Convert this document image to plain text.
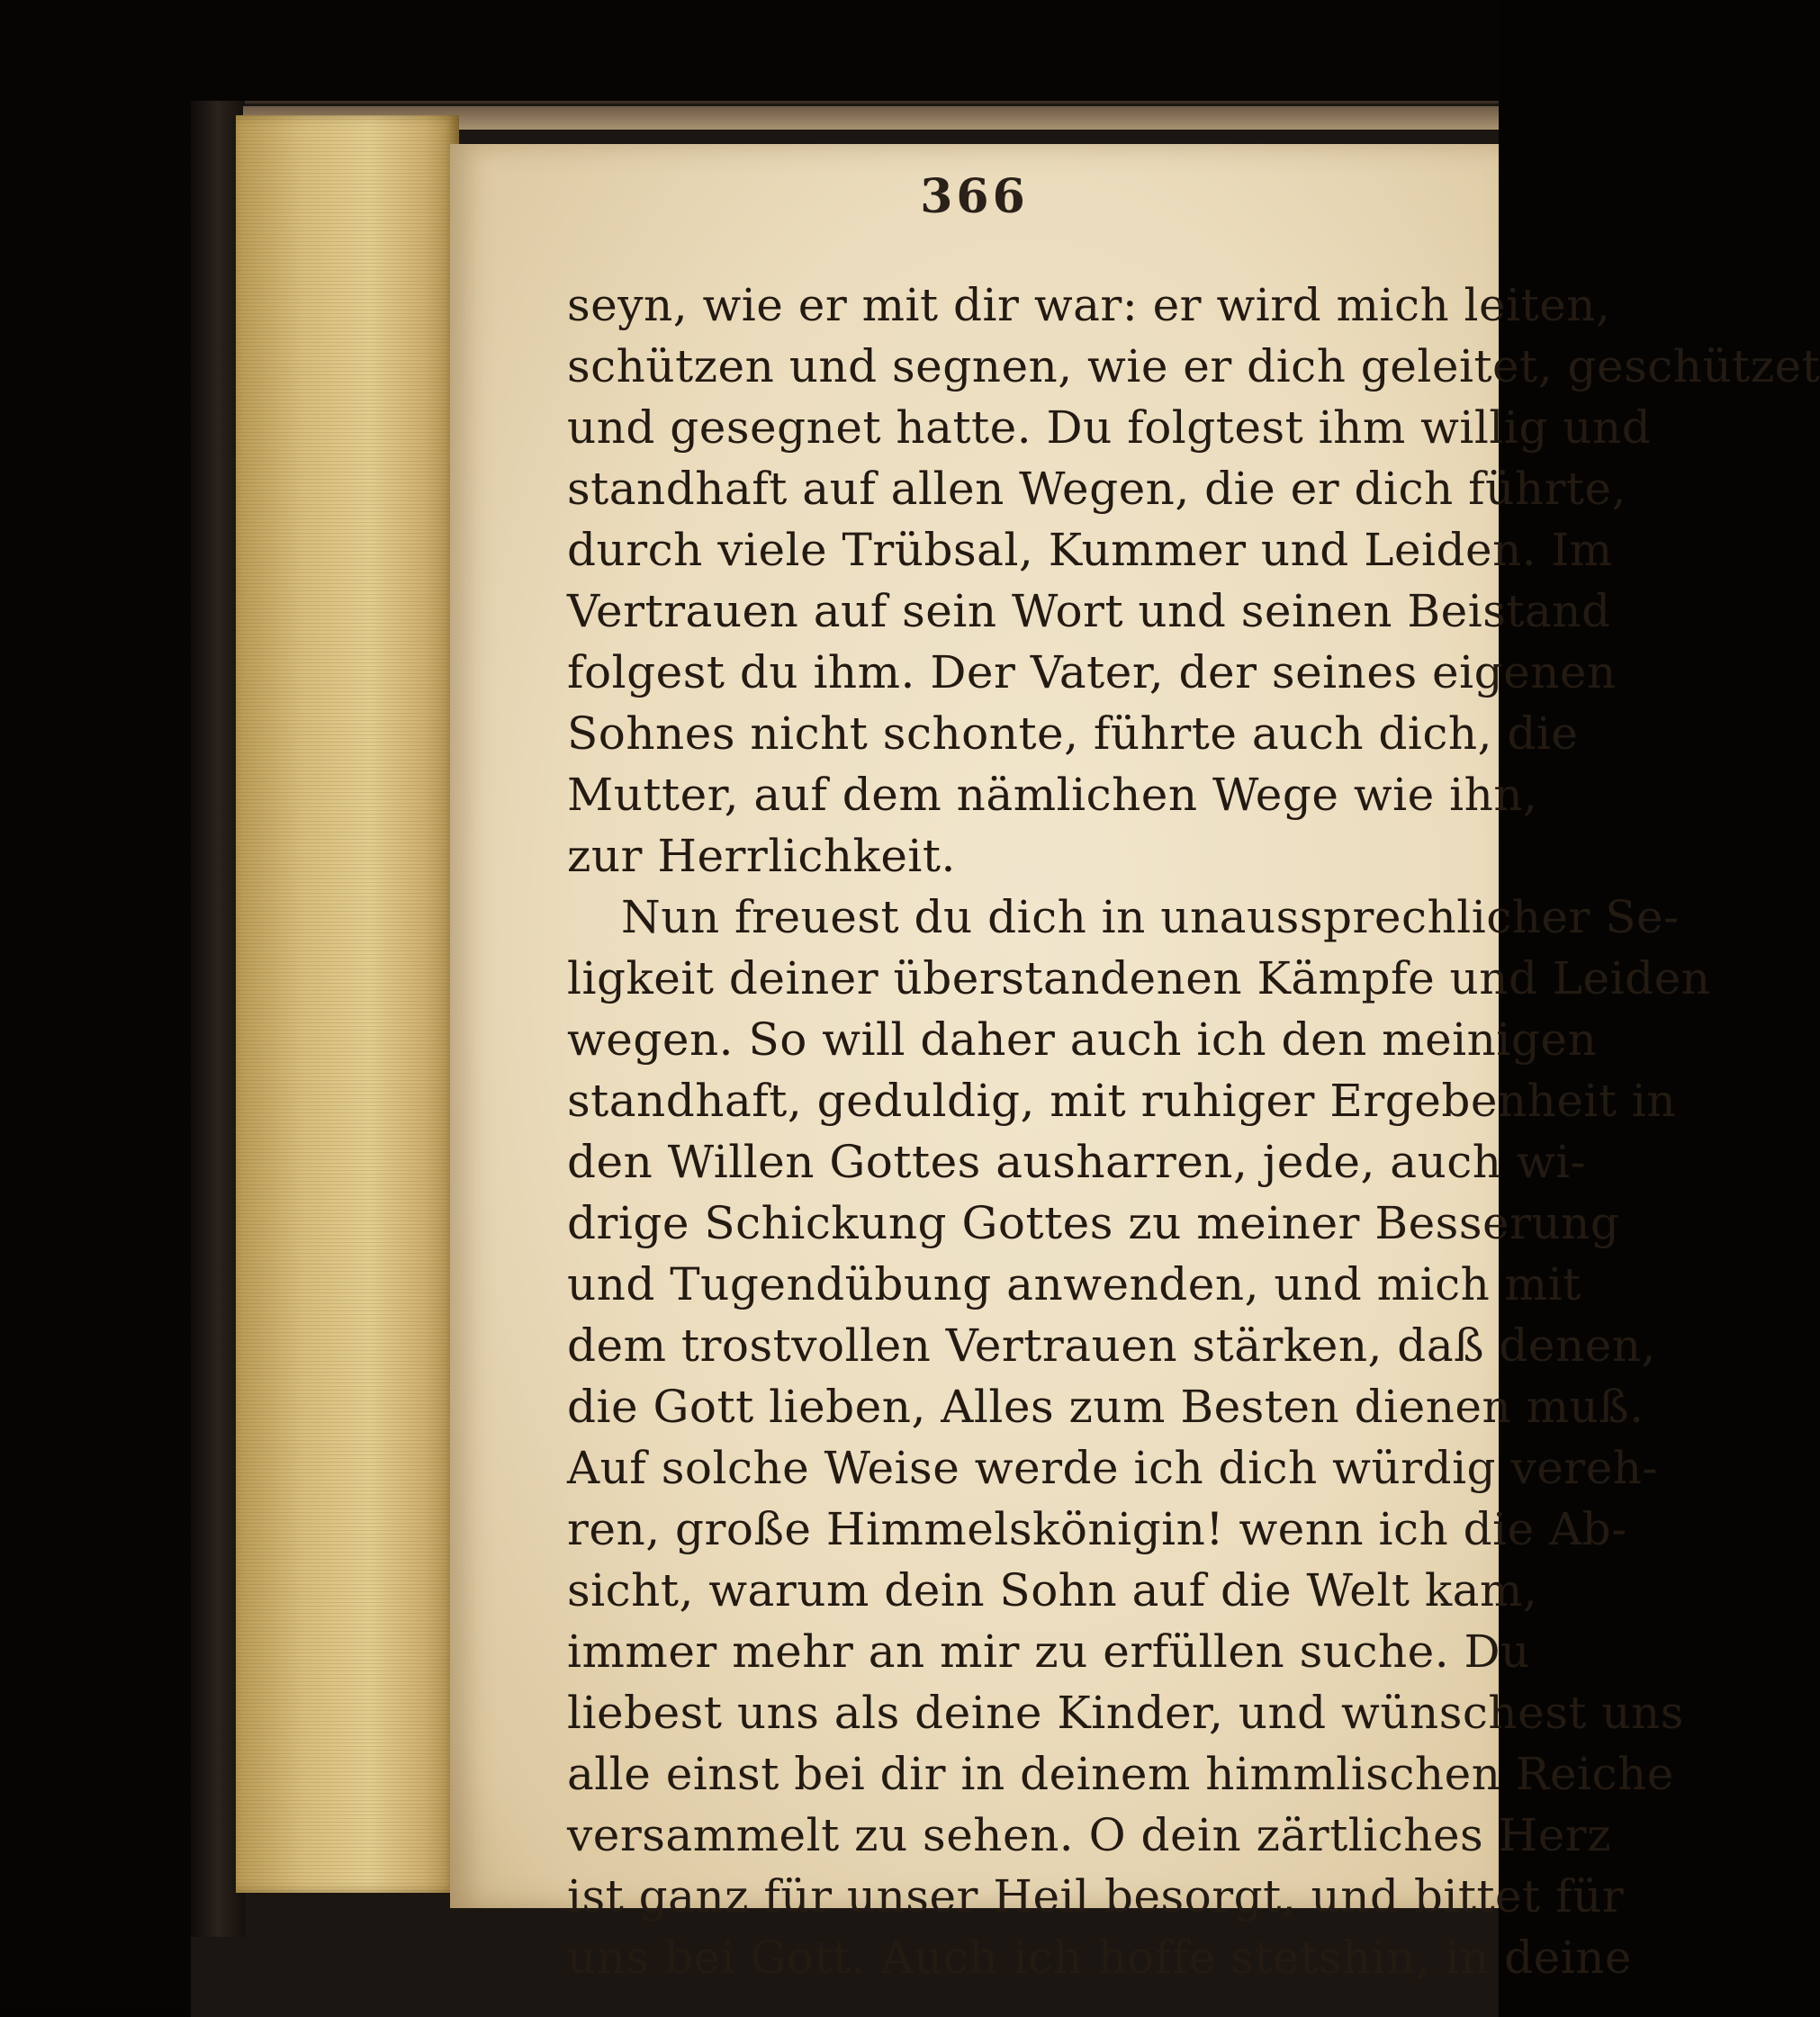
366
seyn, wie er mit dir war: er wird mich leiten,
schützen und segnen, wie er dich geleitet, geschützet
und gesegnet hatte. Du folgtest ihm willig und
standhaft auf allen Wegen, die er dich führte,
durch viele Trübsal, Kummer und Leiden. Im
Vertrauen auf sein Wort und seinen Beistand
folgest du ihm. Der Vater, der seines eigenen
Sohnes nicht schonte, führte auch dich, die
Mutter, auf dem nämlichen Wege wie ihn,
zur Herrlichkeit.
Nun freuest du dich in unaussprechlicher Se-
ligkeit deiner überstandenen Kämpfe und Leiden
wegen. So will daher auch ich den meinigen
standhaft, geduldig, mit ruhiger Ergebenheit in
den Willen Gottes ausharren, jede, auch wi-
drige Schickung Gottes zu meiner Besserung
und Tugendübung anwenden, und mich mit
dem trostvollen Vertrauen stärken, daß denen,
die Gott lieben, Alles zum Besten dienen muß.
Auf solche Weise werde ich dich würdig vereh-
ren, große Himmelskönigin! wenn ich die Ab-
sicht, warum dein Sohn auf die Welt kam,
immer mehr an mir zu erfüllen suche. Du
liebest uns als deine Kinder, und wünschest uns
alle einst bei dir in deinem himmlischen Reiche
versammelt zu sehen. O dein zärtliches Herz
ist ganz für unser Heil besorgt, und bittet für
uns bei Gott. Auch ich hoffe stetshin, in deine
